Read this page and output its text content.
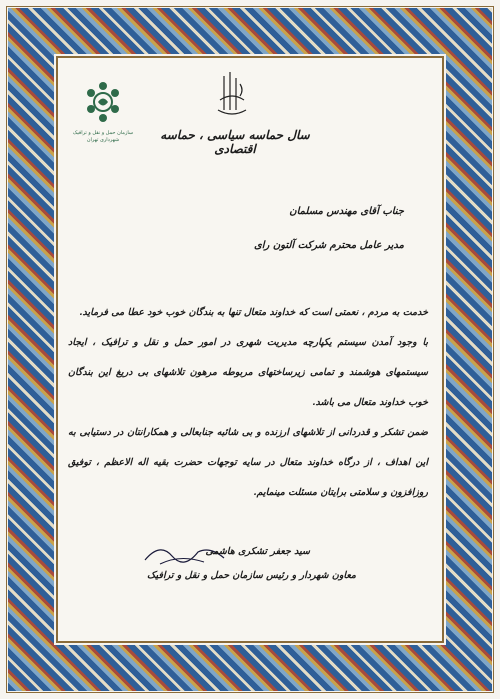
سازمان حمل و نقل و ترافیک شهرداری تهران	سال حماسه سیاسی ، حماسه اقتصادی
جناب آقای مهندس مسلمان
مدیر عامل محترم شرکت آلتون رای

خدمت به مردم ، نعمتی است که خداوند متعال تنها به بندگان خوب خود عطا می فرماید.

با وجود آمدن سیستم یکپارچه مدیریت شهری در امور حمل و نقل و ترافیک ، ایجاد سیستمهای هوشمند و تمامی زیرساختهای مربوطه مرهون تلاشهای بی دریغ این بندگان خوب خداوند متعال می باشد.

ضمن تشکر و قدردانی از تلاشهای ارزنده و بی شائبه جنابعالی و همکارانتان در دستیابی به این اهداف ، از درگاه خداوند متعال در سایه توجهات حضرت بقیه اله الاعظم ، توفیق روزافزون و سلامتی برایتان مسئلت مینمایم.

سید جعفر تشکری هاشمی
معاون شهردار و رئیس سازمان حمل و نقل و ترافیک
